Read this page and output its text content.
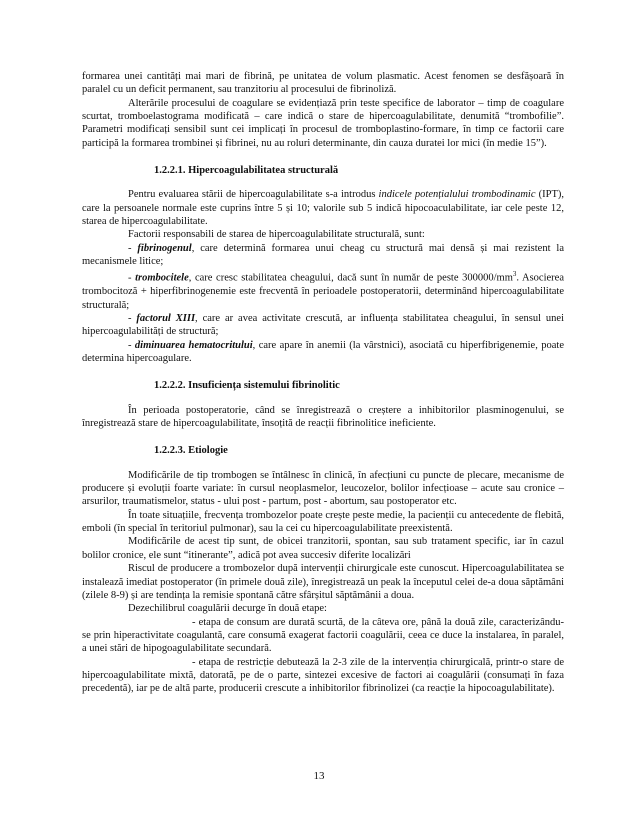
formarea unei cantități mai mari de fibrină, pe unitatea de volum plasmatic. Acest fenomen se desfășoară în paralel cu un deficit permanent, sau tranzitoriu al procesului de fibrinoliză.

Alterările procesului de coagulare se evidențiază prin teste specifice de laborator – timp de coagulare scurtat, tromboelastograma modificată – care indică o stare de hipercoagulabilitate, denumită “trombofilie”. Parametri modificați sensibil sunt cei implicați în procesul de tromboplastino-formare, în timp ce factorii care participă la formarea trombinei și fibrinei, nu au roluri determinante, din cauza duratei lor mici (în medie 15”).

1.2.2.1. Hipercoagulabilitatea structurală

Pentru evaluarea stării de hipercoagulabilitate s-a introdus indicele potențialului trombodinamic (IPT), care la persoanele normale este cuprins între 5 și 10; valorile sub 5 indică hipocoaculabilitate, iar cele peste 12, starea de hipercoagulabilitate.

Factorii responsabili de starea de hipercoagulabilitate structurală, sunt:

- fibrinogenul, care determină formarea unui cheag cu structură mai densă și mai rezistent la mecanismele litice;

- trombocitele, care cresc stabilitatea cheagului, dacă sunt în număr de peste $300000/mm^3$. Asocierea trombocitoză + hiperfibrinogenemie este frecventă în perioadele postoperatorii, determinând hipercoagulabilitate structurală;

- factorul XIII, care ar avea activitate crescută, ar influența stabilitatea cheagului, în sensul unei hipercoagulabilități de structură;

- diminuarea hematocritului, care apare în anemii (la vârstnici), asociată cu hiperfibrigenemie, poate determina hipercoagulare.

1.2.2.2. Insuficiența sistemului fibrinolitic

În perioada postoperatorie, când se înregistrează o creștere a inhibitorilor plasminogenului, se înregistrează stare de hipercoagulabilitate, însoțită de reacții fibrinolitice ineficiente.

1.2.2.3. Etiologie

Modificările de tip trombogen se întâlnesc în clinică, în afecțiuni cu puncte de plecare, mecanisme de producere și evoluții foarte variate: în cursul neoplasmelor, leucozelor, bolilor infecțioase – acute sau cronice – arsurilor, traumatismelor, status - ului post - partum, post - abortum, sau postoperator etc.

În toate situațiile, frecvența trombozelor poate crește peste medie, la pacienții cu antecedente de flebită, emboli (în special în teritoriul pulmonar), sau la cei cu hipercoagulabilitate preexistentă.

Modificările de acest tip sunt, de obicei tranzitorii, spontan, sau sub tratament specific, iar în cazul bolilor cronice, ele sunt “itinerante”, adică pot avea succesiv diferite localizări

Riscul de producere a trombozelor după intervenții chirurgicale este cunoscut. Hipercoagulabilitatea se instalează imediat postoperator (în primele două zile), înregistrează un peak la începutul celei de-a doua săptămâni (zilele 8-9) și are tendința la remisie spontană către sfârșitul săptămânii a doua.

Dezechilibrul coagulării decurge în două etape:

- etapa de consum are durată scurtă, de la câteva ore, până la două zile, caracterizându-se prin hiperactivitate coagulantă, care consumă exagerat factorii coagulării, ceea ce duce la instalarea, în paralel, a unei stări de hipogoagulabilitate secundară.

- etapa de restricție debutează la 2-3 zile de la intervenția chirurgicală, printr-o stare de hipercoagulabilitate mixtă, datorată, pe de o parte, sintezei excesive de factori ai coagulării (consumați în faza precedentă), iar pe de altă parte, producerii crescute a inhibitorilor fibrinolizei (ca reacție la hipocoagulabilitate).

13
